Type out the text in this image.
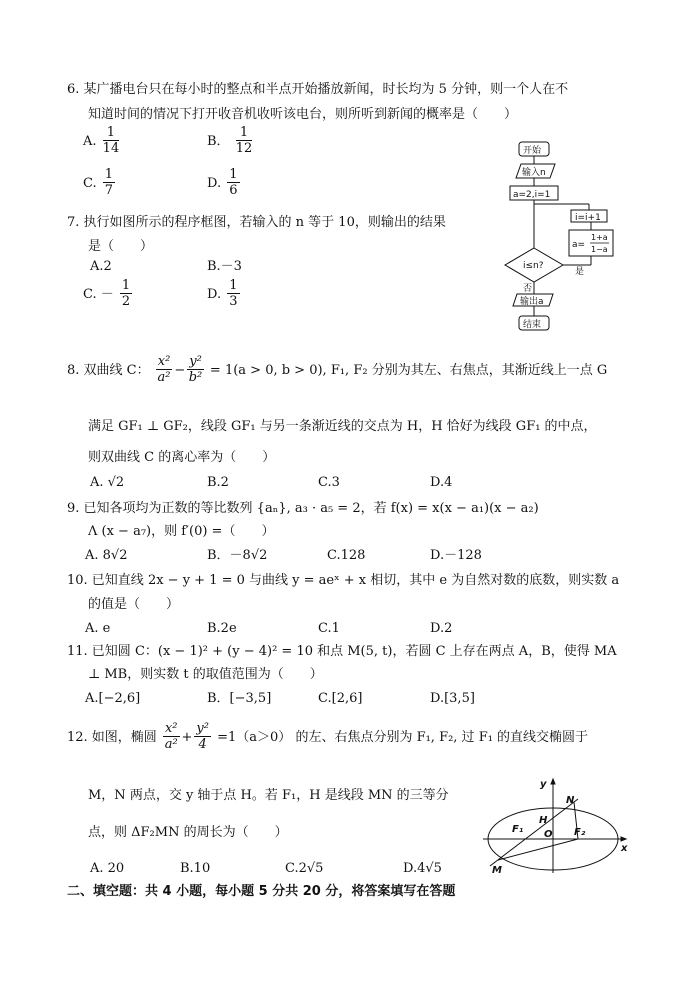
6. 某广播电台只在每小时的整点和半点开始播放新闻，时长均为 5 分钟，则一个人在不
知道时间的情况下打开收音机收听该电台，则所听到新闻的概率是（　　）
A. $\frac{1}{14}$	B． $\frac{1}{12}$
C. $\frac{1}{7}$	D. $\frac{1}{6}$
7. 执行如图所示的程序框图，若输入的 n 等于 10，则输出的结果
是（　　）
A.2	B.－3
C. － $\frac{1}{2}$	D. $\frac{1}{3}$
开始
输入n
a=2,i=1
i=i+1
a=
1+a
1−a
i≤n?
是
否
输出a
结束
8. 双曲线 C： $\frac{\text{x²}}{\text{a²}} - \frac{\text{y²}}{\text{b²}} = 1(a > 0$, b > 0), F₁, F₂ 分别为其左、右焦点，其渐近线上一点 G
满足 GF₁ ⊥ GF₂，线段 GF₁ 与另一条渐近线的交点为 H，H 恰好为线段 GF₁ 的中点，
则双曲线 C 的离心率为（　　）
A. √2	B.2	C.3	D.4
9. 已知各项均为正数的等比数列 {aₙ}, a₃ · a₅ = 2，若 f(x) = x(x − a₁)(x − a₂)
Λ (x − a₇)，则 f′(0) =（　　）
A. 8√2	B．－8√2	C.128	D.－128
10. 已知直线 2x − y + 1 = 0 与曲线 y = aeˣ + x 相切，其中 e 为自然对数的底数，则实数 a
的值是（　　）
A. e	B.2e	C.1	D.2
11. 已知圆 C：(x − 1)² + (y − 4)² = 10 和点 M(5, t)，若圆 C 上存在两点 A，B，使得 MA
⊥ MB，则实数 t 的取值范围为（　　）
A.[−2,6]	B．[−3,5]	C.[2,6]	D.[3,5]
12. 如图，椭圆 $\frac{\text{x²}}{\text{a²}} + \frac{\text{y²}}{4} =1(a>0)$ 的左、右焦点分别为 F₁, F₂, 过 F₁ 的直线交椭圆于
M，N 两点，交 y 轴于点 H。若 F₁，H 是线段 MN 的三等分
点，则 ΔF₂MN 的周长为（　　）
A. 20	B.10	C.2√5	D.4√5
y
x
N
H
F₁ O F₂
M
二、填空题：共 4 小题，每小题 5 分共 20 分，将答案填写在答题
